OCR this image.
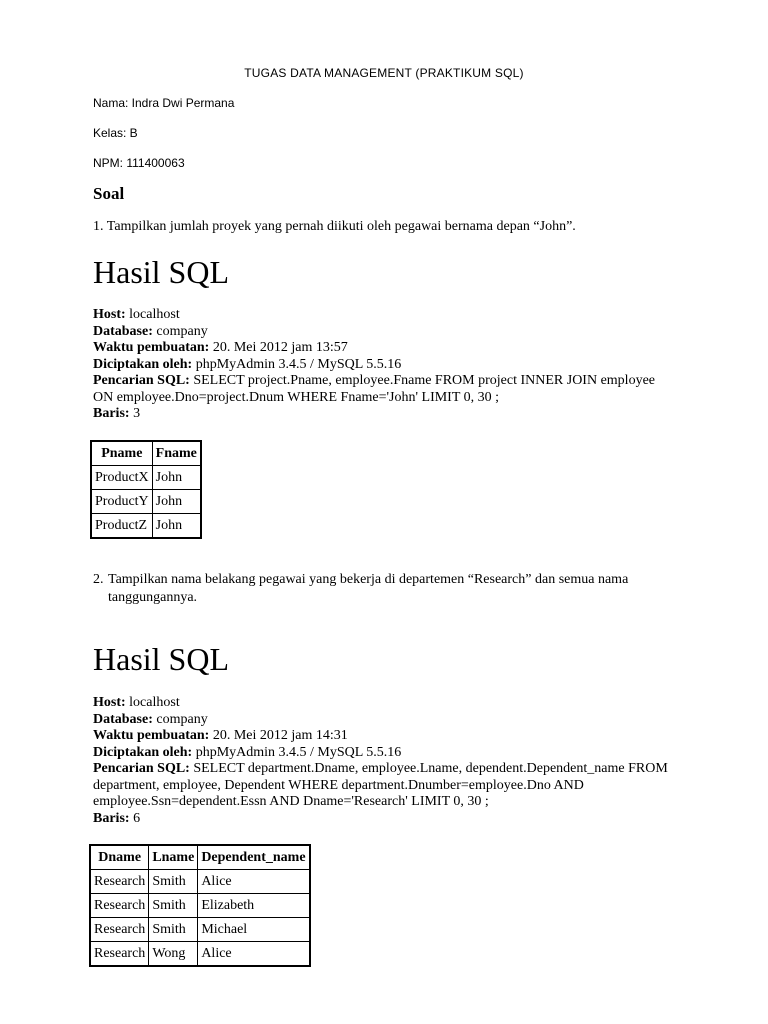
TUGAS DATA MANAGEMENT (PRAKTIKUM SQL)
Nama: Indra Dwi Permana
Kelas: B
NPM: 111400063
Soal
1. Tampilkan jumlah proyek yang pernah diikuti oleh pegawai bernama depan “John”.
Hasil SQL
Host: localhost
Database: company
Waktu pembuatan: 20. Mei 2012 jam 13:57
Diciptakan oleh: phpMyAdmin 3.4.5 / MySQL 5.5.16
Pencarian SQL: SELECT project.Pname, employee.Fname FROM project INNER JOIN employee ON employee.Dno=project.Dnum WHERE Fname='John' LIMIT 0, 30 ;
Baris: 3
Pname	Fname
ProductX	John
ProductY	John
ProductZ	John
2. Tampilkan nama belakang pegawai yang bekerja di departemen “Research” dan semua nama tanggungannya.
Hasil SQL
Host: localhost
Database: company
Waktu pembuatan: 20. Mei 2012 jam 14:31
Diciptakan oleh: phpMyAdmin 3.4.5 / MySQL 5.5.16
Pencarian SQL: SELECT department.Dname, employee.Lname, dependent.Dependent_name FROM department, employee, Dependent WHERE department.Dnumber=employee.Dno AND employee.Ssn=dependent.Essn AND Dname='Research' LIMIT 0, 30 ;
Baris: 6
Dname	Lname	Dependent_name
Research	Smith	Alice
Research	Smith	Elizabeth
Research	Smith	Michael
Research	Wong	Alice
